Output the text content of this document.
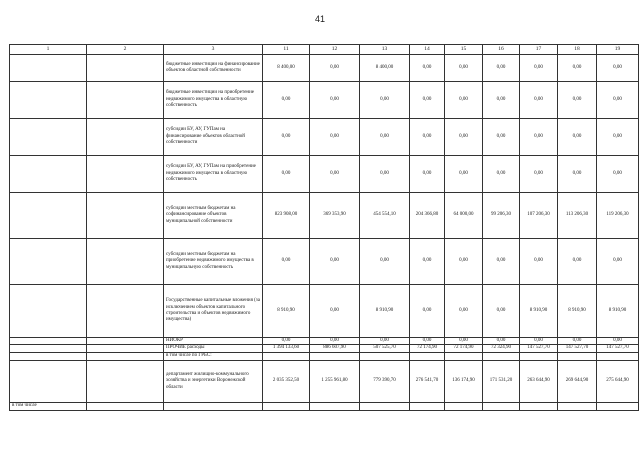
41
1	2	3	11	12	13	14	15	16	17	18	19
		бюджетные инвестиции на финансирование объектов областной собственности	8 400,00	0,00	8 400,00	0,00	0,00	0,00	0,00	0,00	0,00
		бюджетные инвестиции на приобретение недвижимого имущества в областную собственность	0,00	0,00	0,00	0,00	0,00	0,00	0,00	0,00	0,00
		субсидии БУ, АУ, ГУПам на финансирование объектов областной собственности	0,00	0,00	0,00	0,00	0,00	0,00	0,00	0,00	0,00
		субсидии БУ, АУ, ГУПам на приобретение недвижимого имущества в областную собственность	0,00	0,00	0,00	0,00	0,00	0,00	0,00	0,00	0,00
		субсидии местным бюджетам на софинансирование объектов муниципальной собственности	823 908,00	369 353,90	454 554,10	204 366,80	64 000,00	99 206,30	107 206,30	113 206,30	119 206,30
		субсидии местным бюджетам на приобретение недвижимого имущества в муниципальную собственность	0,00	0,00	0,00	0,00	0,00	0,00	0,00	0,00	0,00
		Государственные капитальные вложения (за исключением объектов капитального строительства и объектов недвижимого имущества)	8 910,90	0,00	8 910,90	0,00	0,00	0,00	8 910,90	8 910,90	8 910,90
		НИОКР	0,00	0,00	0,00	0,00	0,00	0,00	0,00	0,00	0,00
		ПРОЧИЕ расходы	1 394 133,60	886 607,90	507 525,70	72 174,90	72 174,90	72 324,90	147 527,70	147 527,70	147 527,70
		в том числе по ГРБС:									
		департамент жилищно-коммунального хозяйства и энергетики Воронежской области	2 035 352,50	1 255 961,80	779 390,70	276 541,70	136 174,90	171 531,20	263 644,90	269 644,90	275 644,90
в том числе											
